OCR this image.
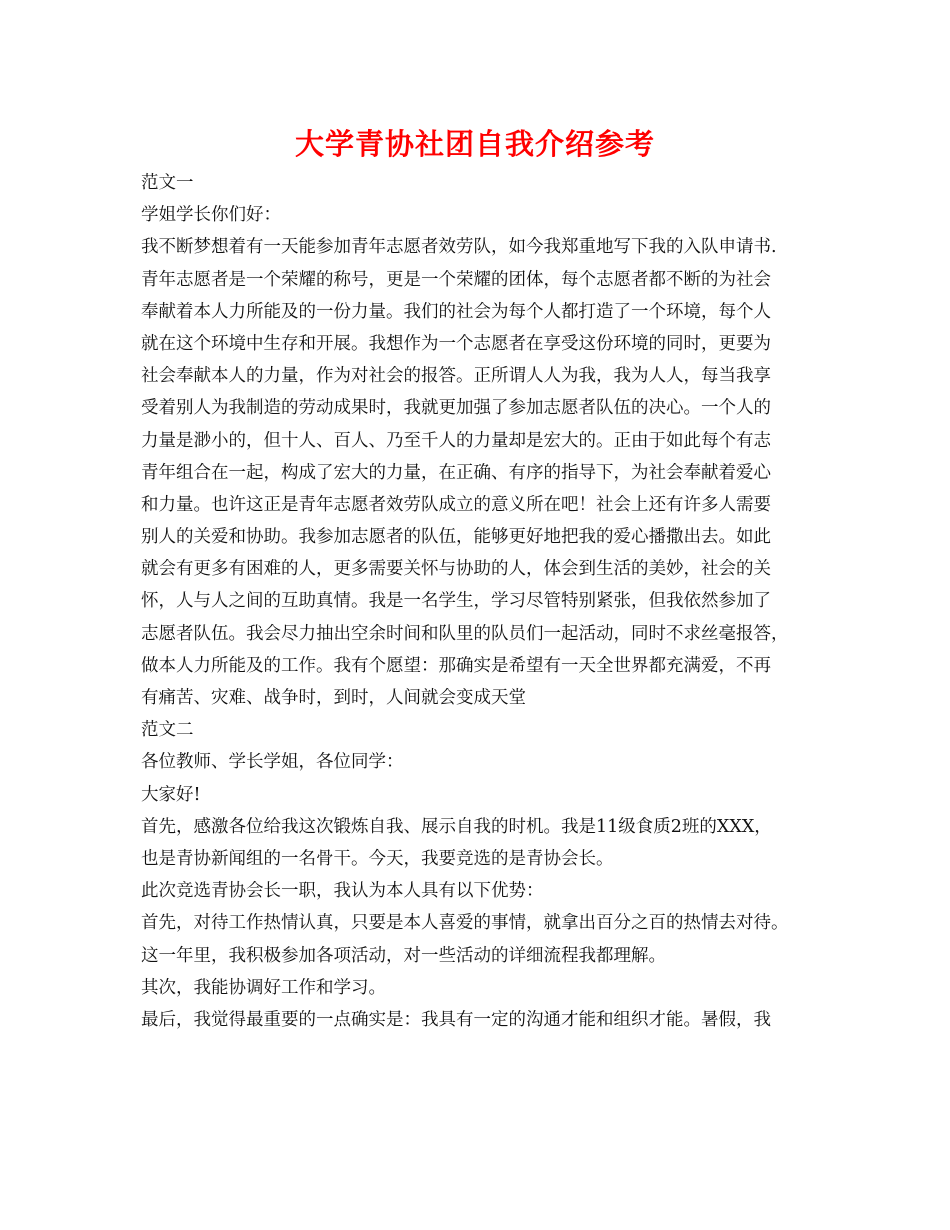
大学青协社团自我介绍参考
范文一
学姐学长你们好：
我不断梦想着有一天能参加青年志愿者效劳队，如今我郑重地写下我的入队申请书.
青年志愿者是一个荣耀的称号，更是一个荣耀的团体，每个志愿者都不断的为社会
奉献着本人力所能及的一份力量。我们的社会为每个人都打造了一个环境，每个人
就在这个环境中生存和开展。我想作为一个志愿者在享受这份环境的同时，更要为
社会奉献本人的力量，作为对社会的报答。正所谓人人为我，我为人人，每当我享
受着别人为我制造的劳动成果时，我就更加强了参加志愿者队伍的决心。一个人的
力量是渺小的，但十人、百人、乃至千人的力量却是宏大的。正由于如此每个有志
青年组合在一起，构成了宏大的力量，在正确、有序的指导下，为社会奉献着爱心
和力量。也许这正是青年志愿者效劳队成立的意义所在吧！社会上还有许多人需要
别人的关爱和协助。我参加志愿者的队伍，能够更好地把我的爱心播撒出去。如此
就会有更多有困难的人，更多需要关怀与协助的人，体会到生活的美妙，社会的关
怀，人与人之间的互助真情。我是一名学生，学习尽管特别紧张，但我依然参加了
志愿者队伍。我会尽力抽出空余时间和队里的队员们一起活动，同时不求丝毫报答，
做本人力所能及的工作。我有个愿望：那确实是希望有一天全世界都充满爱，不再
有痛苦、灾难、战争时，到时，人间就会变成天堂
范文二
各位教师、学长学姐，各位同学：
大家好!
首先，感激各位给我这次锻炼自我、展示自我的时机。我是11级食质2班的XXX，
也是青协新闻组的一名骨干。今天，我要竞选的是青协会长。
此次竞选青协会长一职，我认为本人具有以下优势：
首先，对待工作热情认真，只要是本人喜爱的事情，就拿出百分之百的热情去对待。
这一年里，我积极参加各项活动，对一些活动的详细流程我都理解。
其次，我能协调好工作和学习。
最后，我觉得最重要的一点确实是：我具有一定的沟通才能和组织才能。暑假，我
